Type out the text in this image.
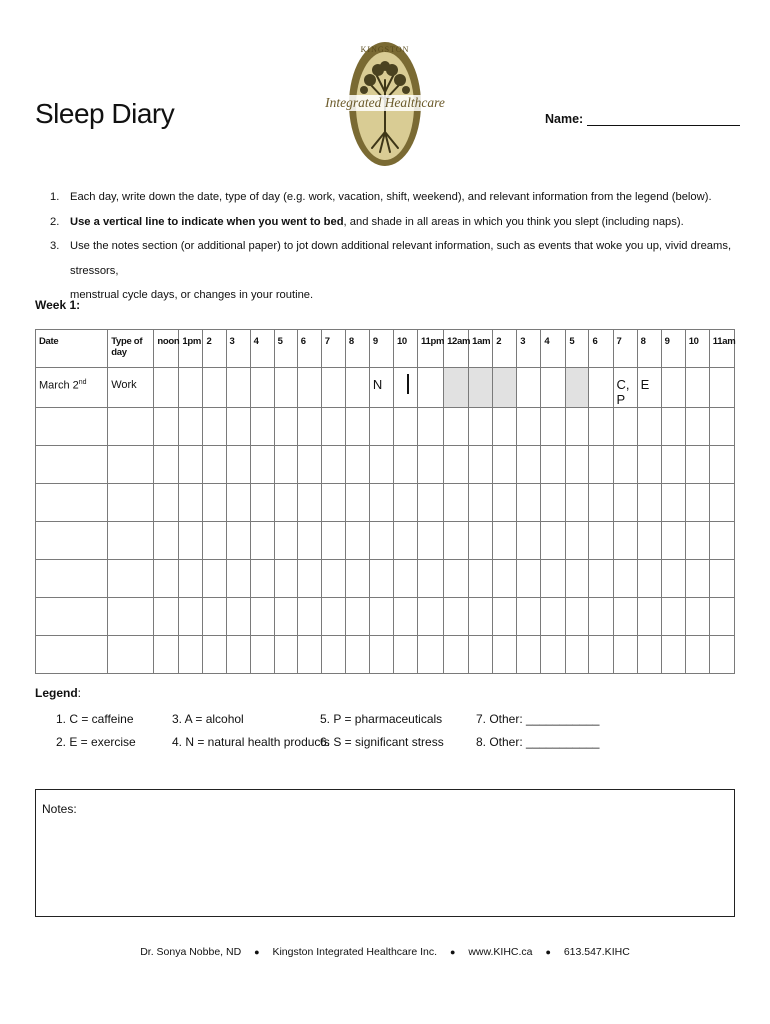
Sleep Diary
KINGSTON
Integrated Healthcare
Name:
1. Each day, write down the date, type of day (e.g. work, vacation, shift, weekend), and relevant information from the legend (below).
2. Use a vertical line to indicate when you went to bed, and shade in all areas in which you think you slept (including naps).
3. Use the notes section (or additional paper) to jot down additional relevant information, such as events that woke you up, vivid dreams, stressors,
menstrual cycle days, or changes in your routine.
Week 1:
Date	Type of day	noon	1pm	2	3	4	5	6	7	8	9	10	11pm	12am	1am	2	3	4	5	6	7	8	9	10	11am

March 2nd	Work										N										C, P	E			

Legend:
1. C = caffeine
2. E = exercise
3. A = alcohol
4. N = natural health products
5. P = pharmaceuticals
6. S = significant stress
7. Other: ___________
8. Other: ___________
Notes:
Dr. Sonya Nobbe, ND ● Kingston Integrated Healthcare Inc. ● www.KIHC.ca ● 613.547.KIHC
